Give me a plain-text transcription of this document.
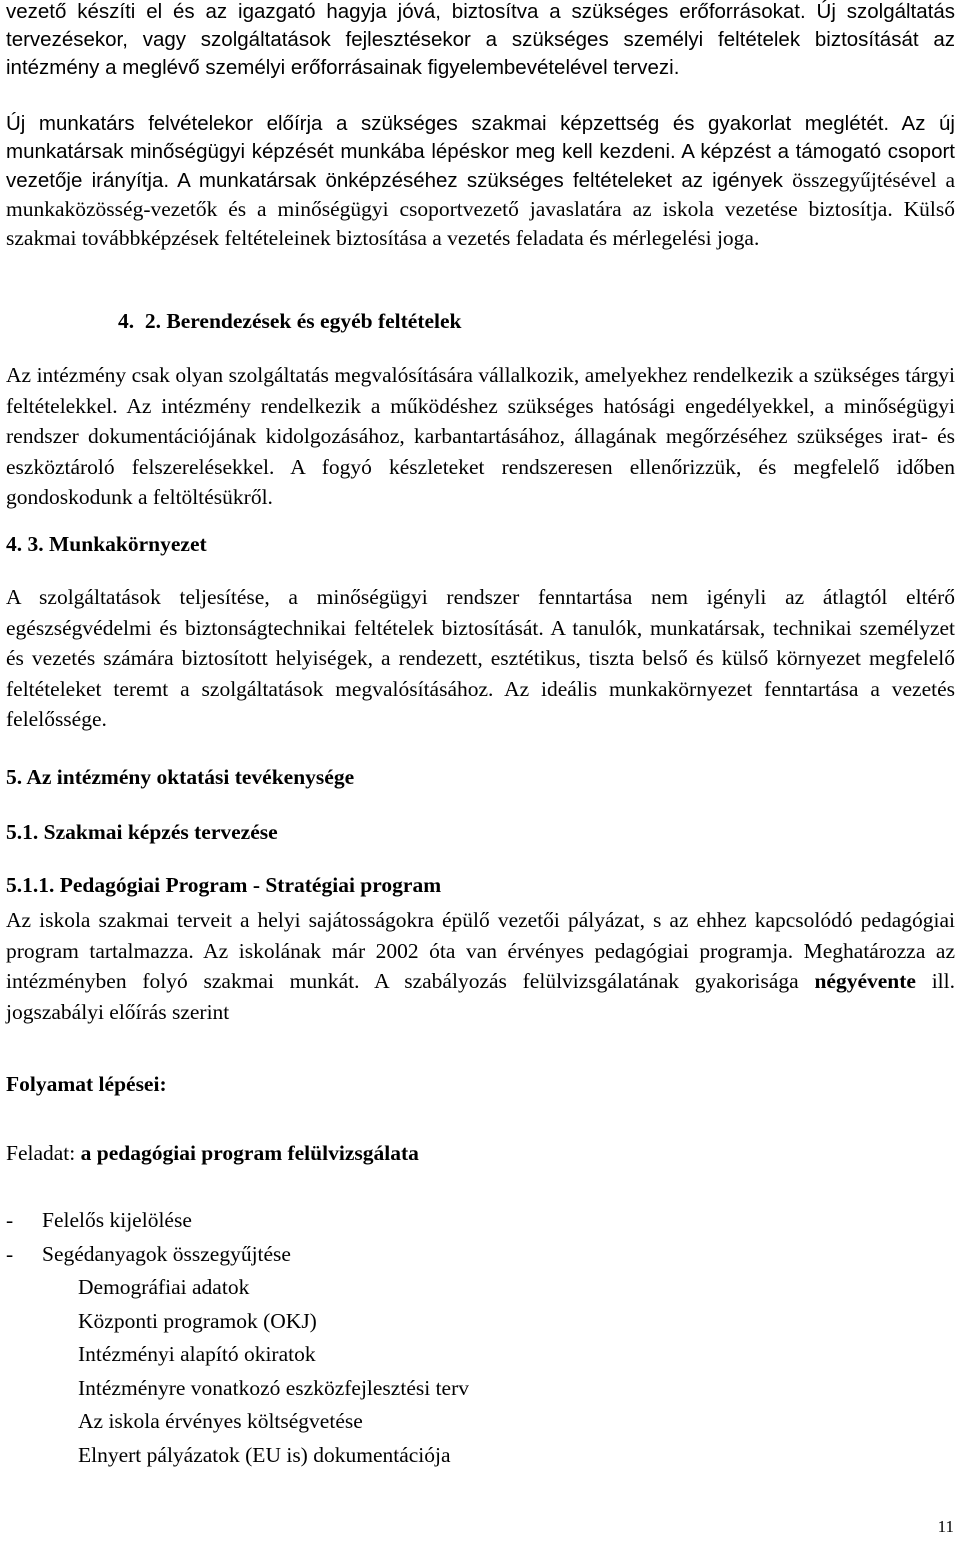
vezető készíti el és az igazgató hagyja jóvá, biztosítva a szükséges erőforrásokat. Új szolgáltatás tervezésekor, vagy szolgáltatások fejlesztésekor a szükséges személyi feltételek biztosítását az intézmény a meglévő személyi erőforrásainak figyelembevételével tervezi.

Új munkatárs felvételekor előírja a szükséges szakmai képzettség és gyakorlat meglétét. Az új munkatársak minőségügyi képzését munkába lépéskor meg kell kezdeni. A képzést a támogató csoport vezetője irányítja. A munkatársak önképzéséhez szükséges feltételeket az igények összegyűjtésével a munkaközösség-vezetők és a minőségügyi csoportvezető javaslatára az iskola vezetése biztosítja. Külső szakmai továbbképzések feltételeinek biztosítása a vezetés feladata és mérlegelési joga.

4. 2. Berendezések és egyéb feltételek

Az intézmény csak olyan szolgáltatás megvalósítására vállalkozik, amelyekhez rendelkezik a szükséges tárgyi feltételekkel. Az intézmény rendelkezik a működéshez szükséges hatósági engedélyekkel, a minőségügyi rendszer dokumentációjának kidolgozásához, karbantartásához, állagának megőrzéséhez szükséges irat- és eszköztároló felszerelésekkel. A fogyó készleteket rendszeresen ellenőrizzük, és megfelelő időben gondoskodunk a feltöltésükről.

4. 3. Munkakörnyezet

A szolgáltatások teljesítése, a minőségügyi rendszer fenntartása nem igényli az átlagtól eltérő egészségvédelmi és biztonságtechnikai feltételek biztosítását. A tanulók, munkatársak, technikai személyzet és vezetés számára biztosított helyiségek, a rendezett, esztétikus, tiszta belső és külső környezet megfelelő feltételeket teremt a szolgáltatások megvalósításához. Az ideális munkakörnyezet fenntartása a vezetés felelőssége.

5. Az intézmény oktatási tevékenysége
5.1. Szakmai képzés tervezése
5.1.1. Pedagógiai Program - Stratégiai program

Az iskola szakmai terveit a helyi sajátosságokra épülő vezetői pályázat, s az ehhez kapcsolódó pedagógiai program tartalmazza. Az iskolának már 2002 óta van érvényes pedagógiai programja. Meghatározza az intézményben folyó szakmai munkát. A szabályozás felülvizsgálatának gyakorisága négyévente ill. jogszabályi előírás szerint

Folyamat lépései:
Feladat: a pedagógiai program felülvizsgálata
- Felelős kijelölése
- Segédanyagok összegyűjtése
Demográfiai adatok
Központi programok (OKJ)
Intézményi alapító okiratok
Intézményre vonatkozó eszközfejlesztési terv
Az iskola érvényes költségvetése
Elnyert pályázatok (EU is) dokumentációja
11
